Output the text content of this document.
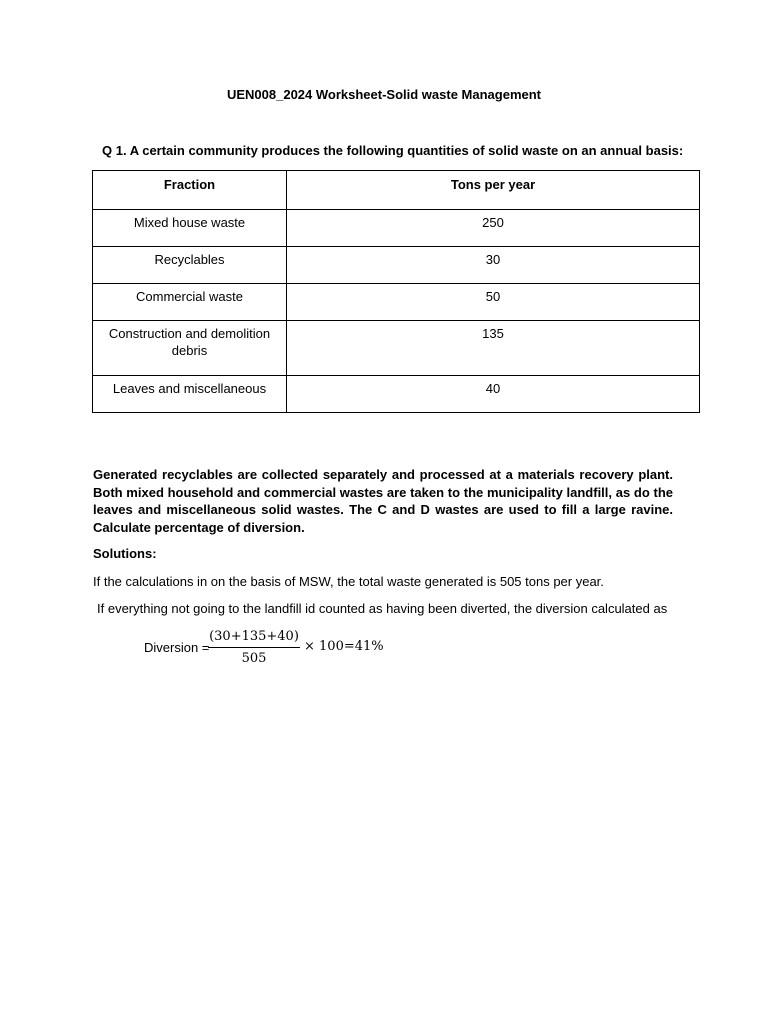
UEN008_2024 Worksheet-Solid waste Management
Q 1. A certain community produces the following quantities of solid waste on an annual basis:
Fraction	Tons per year
Mixed house waste	250
Recyclables	30
Commercial waste	50
Construction and demolition debris	135
Leaves and miscellaneous	40
Generated recyclables are collected separately and processed at a materials recovery plant. Both mixed household and commercial wastes are taken to the municipality landfill, as do the leaves and miscellaneous solid wastes. The C and D wastes are used to fill a large ravine. Calculate percentage of diversion.
Solutions:
If the calculations in on the basis of MSW, the total waste generated is 505 tons per year.
If everything not going to the landfill id counted as having been diverted, the diversion calculated as
Diversion =
(30+135+40)
505
× 100=41%
